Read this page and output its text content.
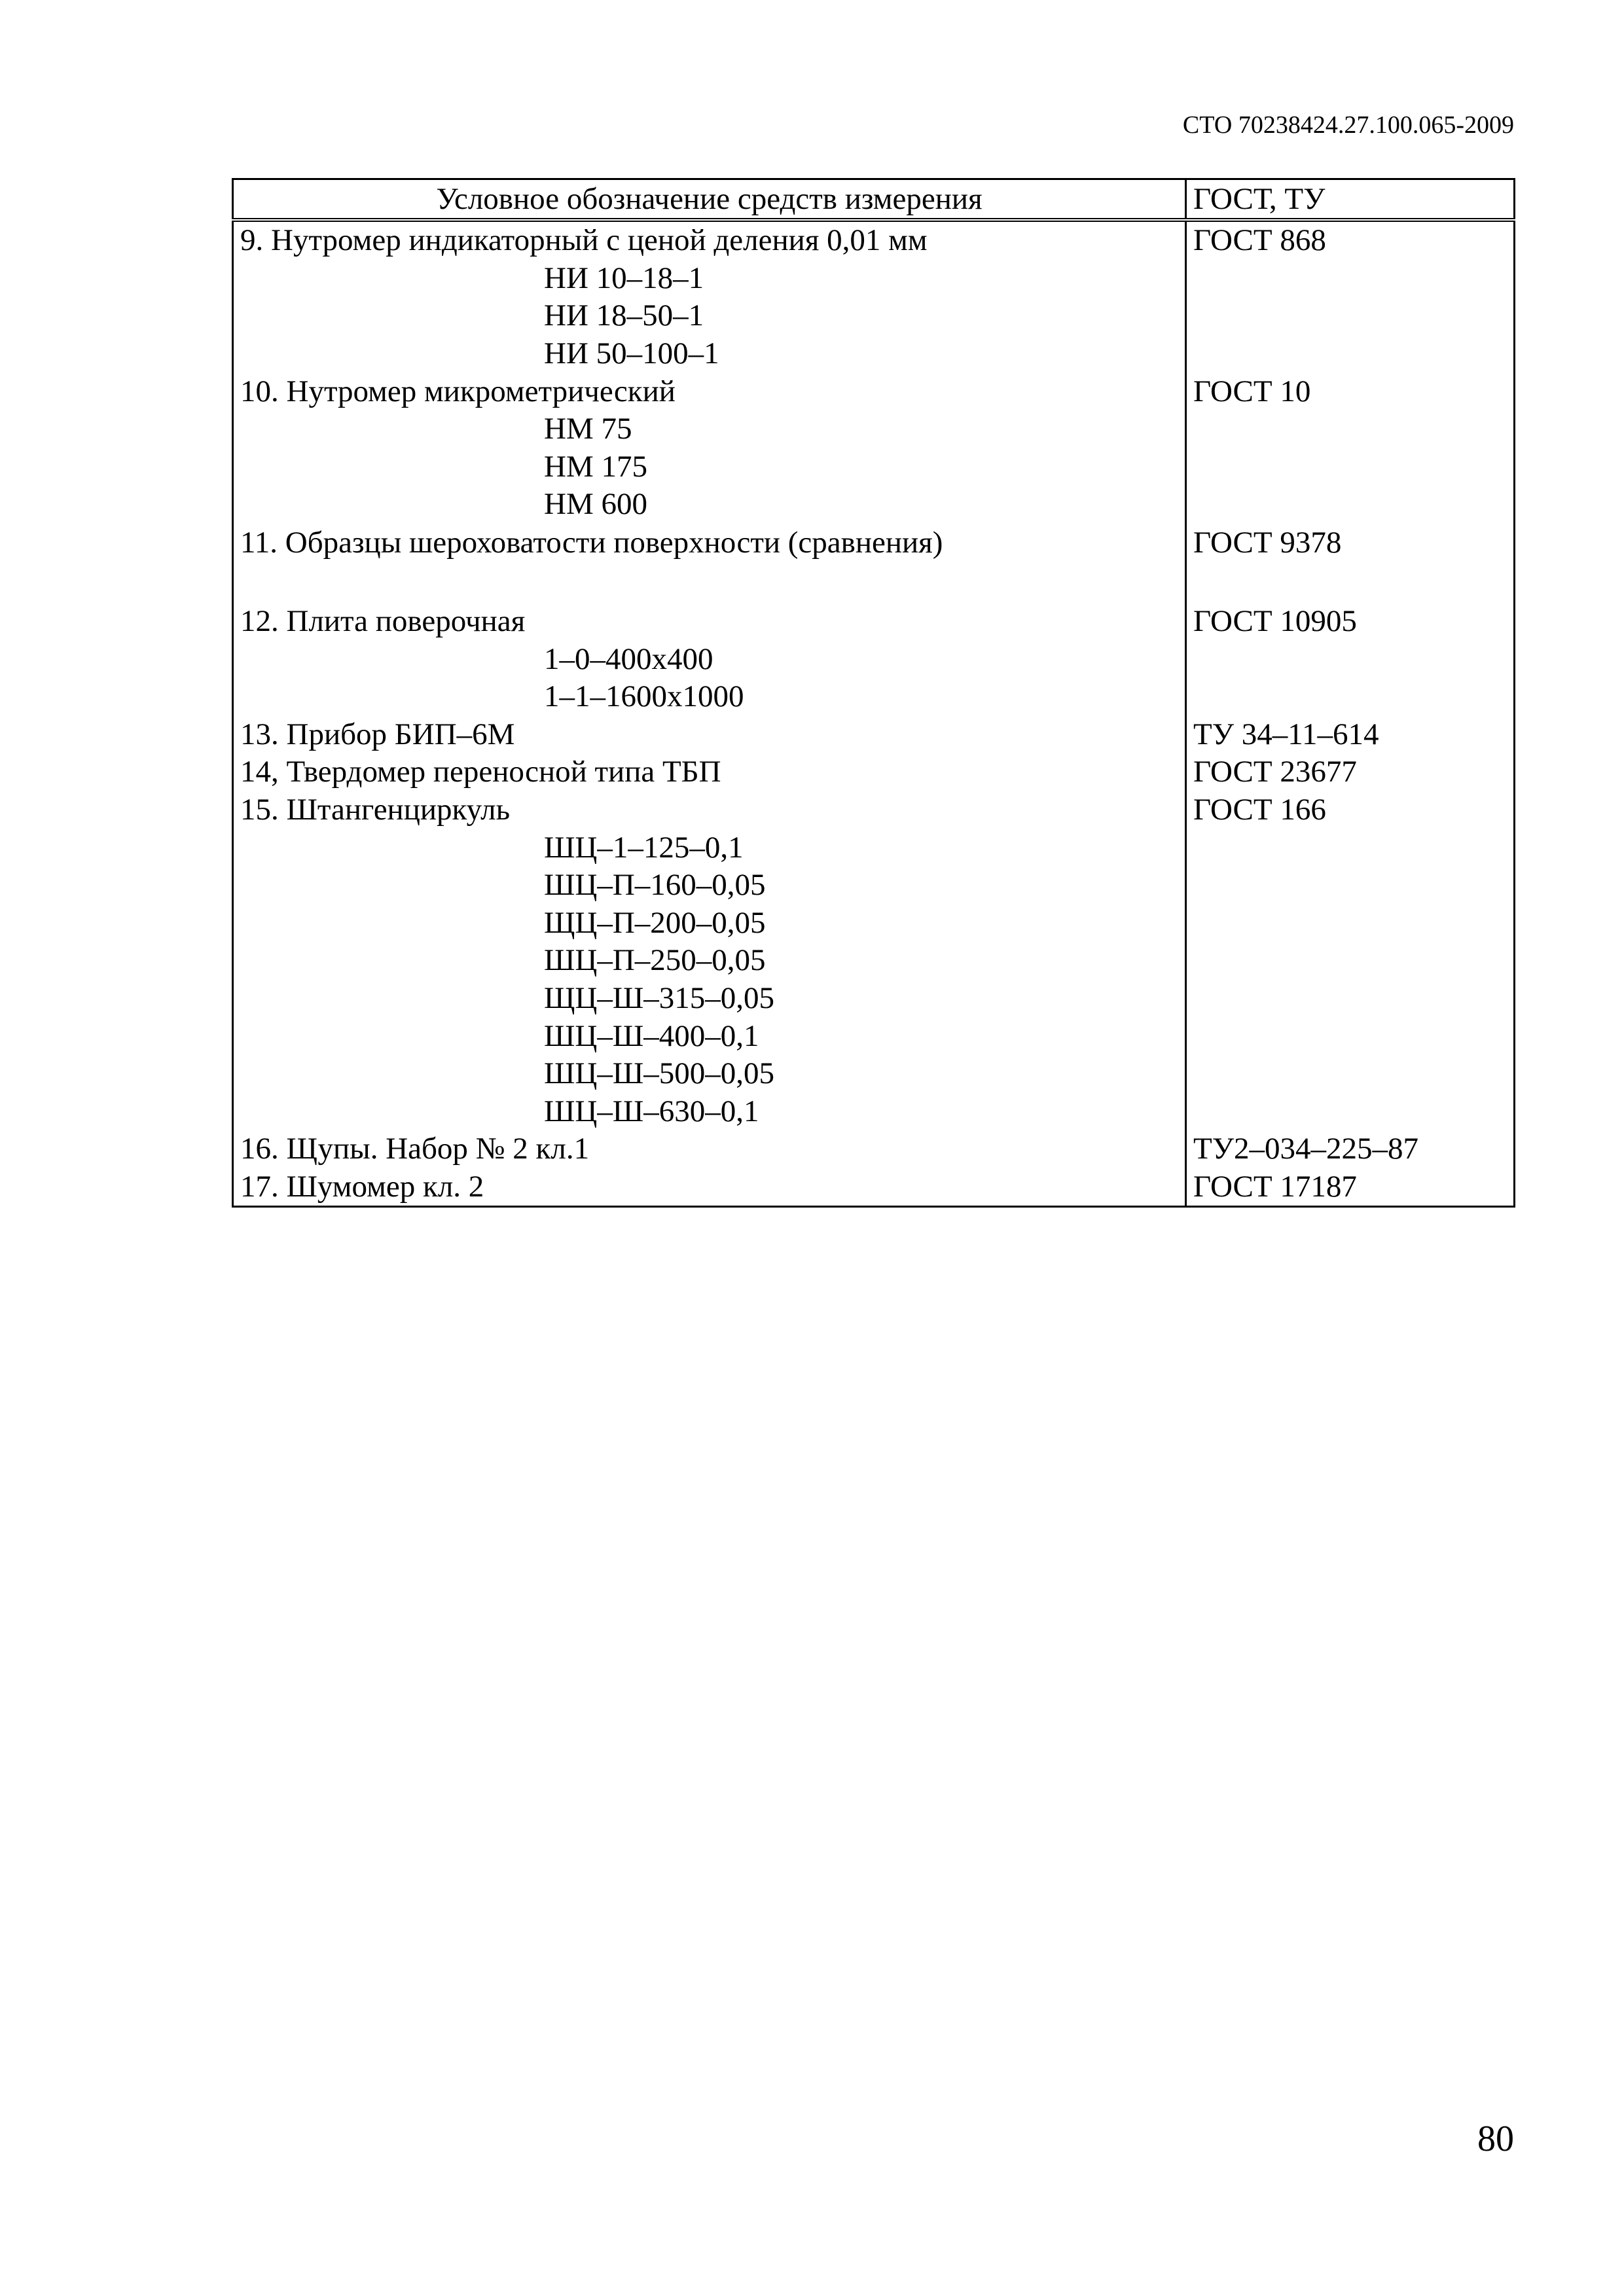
СТО 70238424.27.100.065-2009
Условное обозначение средств измерения	ГОСТ, ТУ
9. Нутромер индикаторный с ценой деления 0,01 мм	ГОСТ 868
НИ 10–18–1	
НИ 18–50–1	
НИ 50–100–1	
10. Нутромер микрометрический	ГОСТ 10
НМ 75	
НМ 175	
НМ 600	
11. Образцы шероховатости поверхности (сравнения)	ГОСТ 9378
12. Плита поверочная	ГОСТ 10905
1–0–400х400	
1–1–1600х1000	
13. Прибор БИП–6М	ТУ 34–11–614
14, Твердомер переносной типа ТБП	ГОСТ 23677
15. Штангенциркуль	ГОСТ 166
ШЦ–1–125–0,1	
ШЦ–П–160–0,05	
ЩЦ–П–200–0,05	
ШЦ–П–250–0,05	
ЩЦ–Ш–315–0,05	
ШЦ–Ш–400–0,1	
ШЦ–Ш–500–0,05	
ШЦ–Ш–630–0,1	
16. Щупы. Набор № 2 кл.1	ТУ2–034–225–87
17. Шумомер кл. 2	ГОСТ 17187
80
